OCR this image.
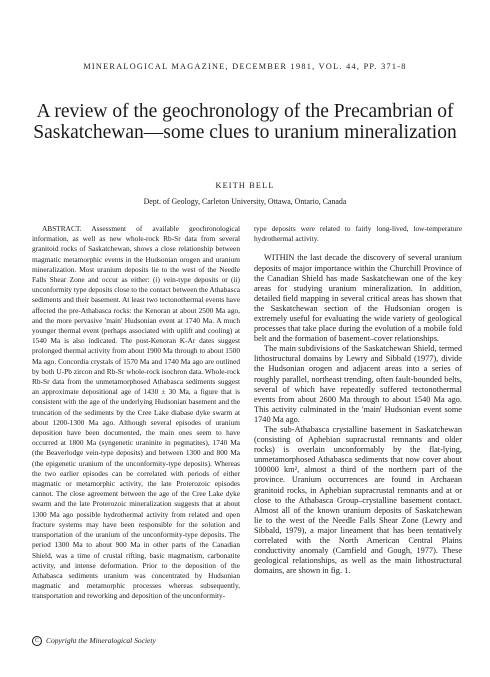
MINERALOGICAL MAGAZINE, DECEMBER 1981, VOL. 44, PP. 371-8
A review of the geochronology of the Precambrian of Saskatchewan—some clues to uranium mineralization
KEITH BELL
Dept. of Geology, Carleton University, Ottawa, Ontario, Canada

ABSTRACT. Assessment of available geochronological information, as well as new whole-rock Rb-Sr data from several granitoid rocks of Saskatchewan, shows a close relationship between magmatic metamorphic events in the Hudsonian orogen and uranium mineralization. Most uranium deposits lie to the west of the Needle Falls Shear Zone and occur as either: (i) vein-type deposits or (ii) unconformity type deposits close to the contact between the Athabasca sediments and their basement. At least two tectonothermal events have affected the pre-Athabasca rocks: the Kenoran at about 2500 Ma ago, and the more pervasive 'main' Hudsonian event at 1740 Ma. A much younger thermal event (perhaps associated with uplift and cooling) at 1540 Ma is also indicated. The post-Kenoran K-Ar dates suggest prolonged thermal activity from about 1900 Ma through to about 1500 Ma ago. Concordia crystals of 1570 Ma and 1740 Ma ago are outlined by both U-Pb zircon and Rb-Sr whole-rock isochron data. Whole-rock Rb-Sr data from the unmetamorphosed Athabasca sediments suggest an approximate depositional age of 1430 ± 30 Ma, a figure that is consistent with the age of the underlying Hudsonian basement and the truncation of the sediments by the Cree Lake diabase dyke swarm at about 1200-1300 Ma ago. Although several episodes of uranium deposition have been documented, the main ones seem to have occurred at 1800 Ma (syngenetic uraninite in pegmatites), 1740 Ma (the Beaverlodge vein-type deposits) and between 1300 and 800 Ma (the epigenetic uranium of the unconformity-type deposits). Whereas the two earlier episodes can be correlated with periods of either magmatic or metamorphic activity, the late Proterozoic episodes cannot. The close agreement between the age of the Cree Lake dyke swarm and the late Proterozoic mineralization suggests that at about 1300 Ma ago possible hydrothermal activity from related and open fracture systems may have been responsible for the solution and transportation of the uranium of the unconformity-type deposits. The period 1300 Ma to about 900 Ma in other parts of the Canadian Shield, was a time of crustal rifting, basic magmatism, carbonatite activity, and intense deformation. Prior to the deposition of the Athabasca sediments uranium was concentrated by Hudsonian magmatic and metamorphic processes whereas subsequently, transportation and reworking and deposition of the unconformity-

type deposits were related to fairly long-lived, low-temperature hydrothermal activity.

WITHIN the last decade the discovery of several uranium deposits of major importance within the Churchill Province of the Canadian Shield has made Saskatchewan one of the key areas for studying uranium mineralization. In addition, detailed field mapping in several critical areas has shown that the Saskatchewan section of the Hudsonian orogen is extremely useful for evaluating the wide variety of geological processes that take place during the evolution of a mobile fold belt and the formation of basement–cover relationships.

The main subdivisions of the Saskatchewan Shield, termed lithostructural domains by Lewry and Sibbald (1977), divide the Hudsonian orogen and adjacent areas into a series of roughly parallel, northeast trending, often fault-bounded belts, several of which have repeatedly suffered tectonothermal events from about 2600 Ma through to about 1540 Ma ago. This activity culminated in the 'main' Hudsonian event some 1740 Ma ago.

The sub-Athabasca crystalline basement in Saskatchewan (consisting of Aphebian supracrustal remnants and older rocks) is overlain unconformably by the flat-lying, unmetamorphosed Athabasca sediments that now cover about 100000 km², almost a third of the northern part of the province. Uranium occurrences are found in Archaean granitoid rocks, in Aphebian supracrustal remnants and at or close to the Athabasca Group–crystalline basement contact. Almost all of the known uranium deposits of Saskatchewan lie to the west of the Needle Falls Shear Zone (Lewry and Sibbald, 1979), a major lineament that has been tentatively correlated with the North American Central Plains conductivity anomaly (Camfield and Gough, 1977). These geological relationships, as well as the main lithostructural domains, are shown in fig. 1.

C Copyright the Mineralogical Society
